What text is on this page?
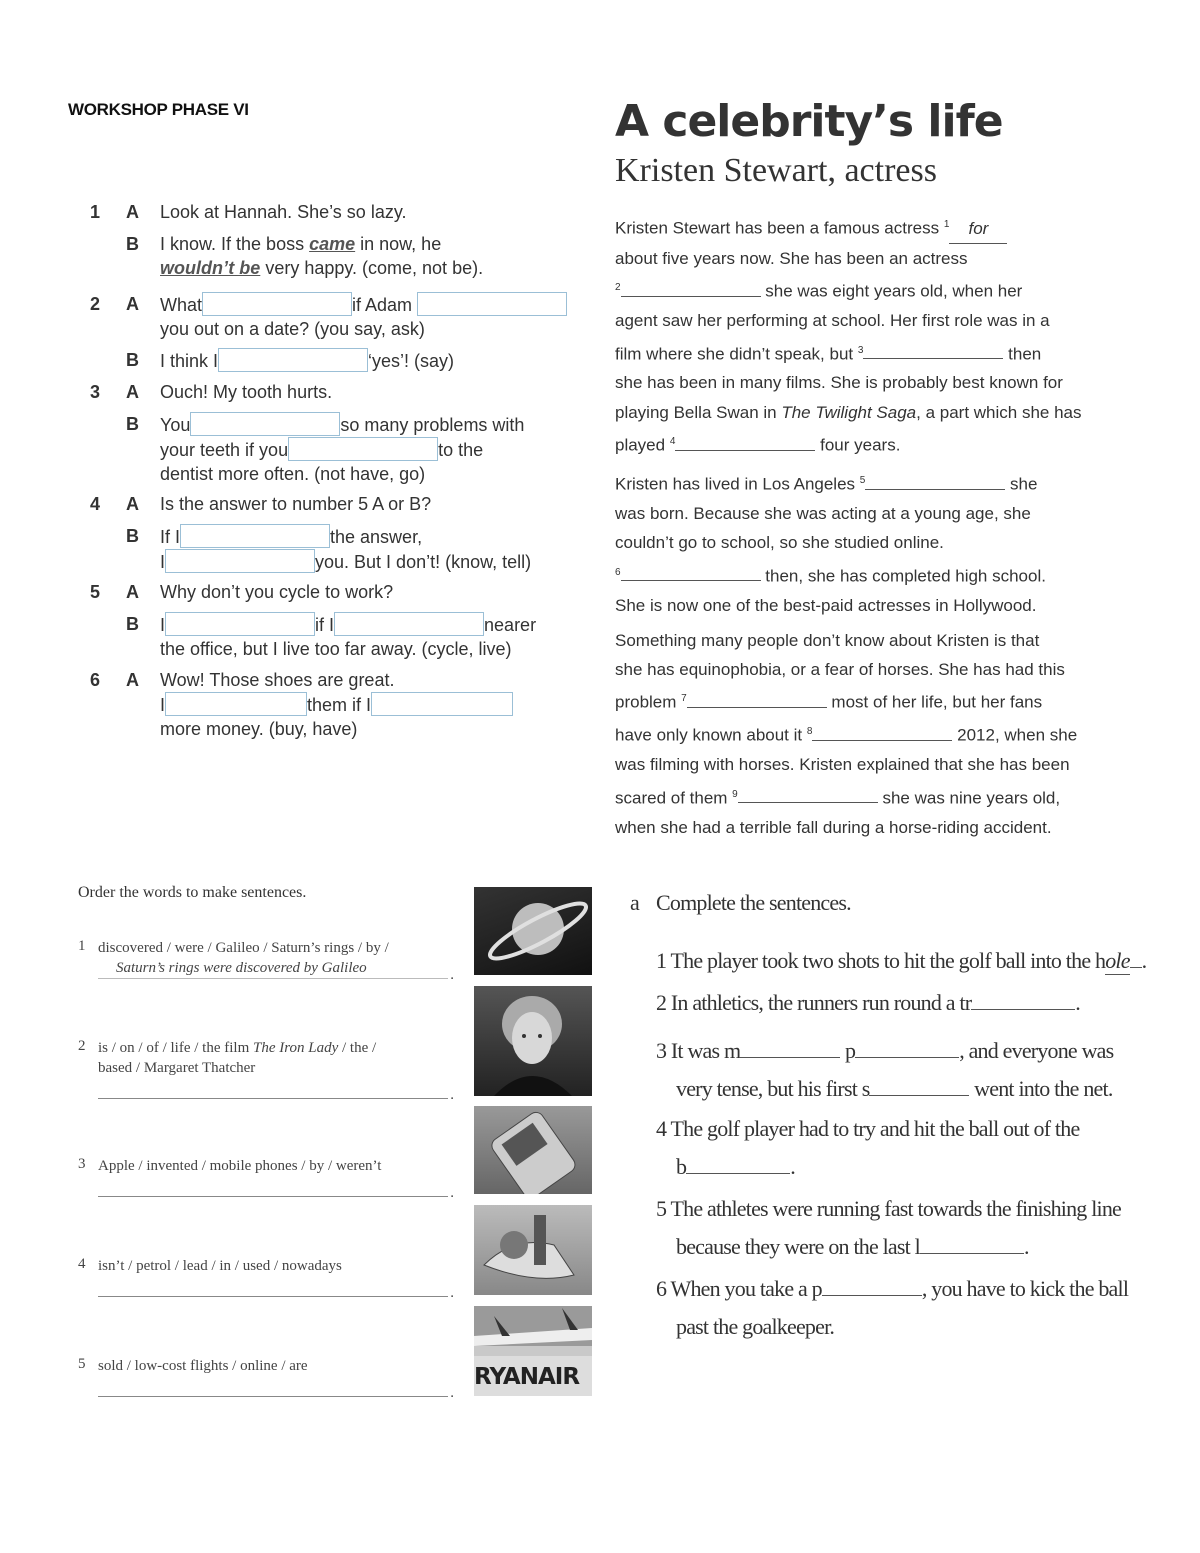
WORKSHOP PHASE VI
1	A	Look at Hannah. She’s so lazy.
B	I know. If the boss came in now, he
wouldn’t be very happy. (come, not be).
2	A	What	if Adam
you out on a date? (you say, ask)
B	I think I	‘yes’! (say)
3	A	Ouch! My tooth hurts.
B	You	so many problems with
your teeth if you	to the
dentist more often. (not have, go)
4	A	Is the answer to number 5 A or B?
B	If I	the answer,
I	you. But I don’t! (know, tell)
5	A	Why don’t you cycle to work?
B	I	if I	nearer
the office, but I live too far away. (cycle, live)
6	A	Wow! Those shoes are great.
I	them if I
more money. (buy, have)
A celebrity’s life
Kristen Stewart, actress

Kristen Stewart has been a famous actress $^1$ for
about five years now. She has been an actress
$^2$	she was eight years old, when her
agent saw her performing at school. Her first role was in a
film where she didn’t speak, but $^3$	then
she has been in many films. She is probably best known for
playing Bella Swan in The Twilight Saga, a part which she has
played $^4$	four years.

Kristen has lived in Los Angeles $^5$	she
was born. Because she was acting at a young age, she
couldn’t go to school, so she studied online.
$^6$	then, she has completed high school.
She is now one of the best-paid actresses in Hollywood.

Something many people don’t know about Kristen is that
she has equinophobia, or a fear of horses. She has had this
problem $^7$	most of her life, but her fans
have only known about it $^8$	2012, when she
was filming with horses. Kristen explained that she has been
scared of them $^9$	she was nine years old,
when she had a terrible fall during a horse-riding accident.

Order the words to make sentences.
1 discovered / were / Galileo / Saturn’s rings / by /
Saturn’s rings were discovered by Galileo	.
2 is / on / of / life / the film The Iron Lady / the /
based / Margaret Thatcher
.
3 Apple / invented / mobile phones / by / weren’t
.
4 isn’t / petrol / lead / in / used / nowadays
.
5 sold / low-cost flights / online / are
.
RYANAIR
a Complete the sentences.
1 The player took two shots to hit the golf ball into the hole .
2 In athletics, the runners run round a tr	.
3 It was m	p	, and everyone was
very tense, but his first s	went into the net.
4 The golf player had to try and hit the ball out of the
b	.
5 The athletes were running fast towards the finishing line
because they were on the last l	.
6 When you take a p	, you have to kick the ball
past the goalkeeper.
